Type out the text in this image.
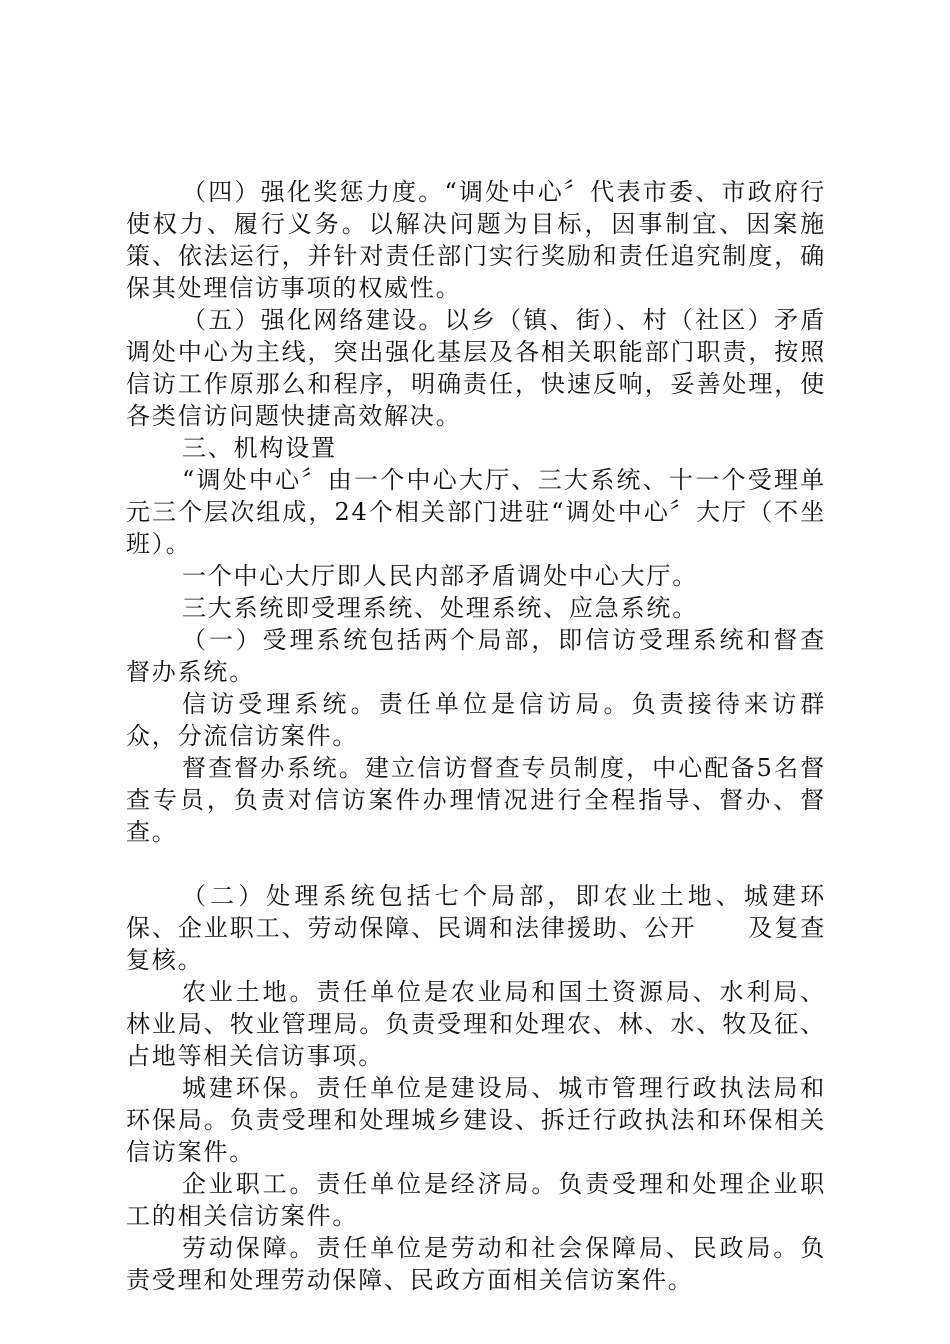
（四）强化奖惩力度。“调处中心〞代表市委、市政府行使权力、履行义务。以解决问题为目标，因事制宜、因案施策、依法运行，并针对责任部门实行奖励和责任追究制度，确保其处理信访事项的权威性。

（五）强化网络建设。以乡（镇、街）、村（社区）矛盾调处中心为主线，突出强化基层及各相关职能部门职责，按照信访工作原那么和程序，明确责任，快速反响，妥善处理，使各类信访问题快捷高效解决。

三、机构设置

“调处中心〞由一个中心大厅、三大系统、十一个受理单元三个层次组成，24个相关部门进驻“调处中心〞大厅（不坐班）。

一个中心大厅即人民内部矛盾调处中心大厅。

三大系统即受理系统、处理系统、应急系统。

（一）受理系统包括两个局部，即信访受理系统和督查督办系统。

信访受理系统。责任单位是信访局。负责接待来访群众，分流信访案件。

督查督办系统。建立信访督查专员制度，中心配备5名督查专员，负责对信访案件办理情况进行全程指导、督办、督查。

（二）处理系统包括七个局部，即农业土地、城建环保、企业职工、劳动保障、民调和法律援助、公开　　及复查复核。

农业土地。责任单位是农业局和国土资源局、水利局、林业局、牧业管理局。负责受理和处理农、林、水、牧及征、占地等相关信访事项。

城建环保。责任单位是建设局、城市管理行政执法局和环保局。负责受理和处理城乡建设、拆迁行政执法和环保相关信访案件。

企业职工。责任单位是经济局。负责受理和处理企业职工的相关信访案件。

劳动保障。责任单位是劳动和社会保障局、民政局。负责受理和处理劳动保障、民政方面相关信访案件。
